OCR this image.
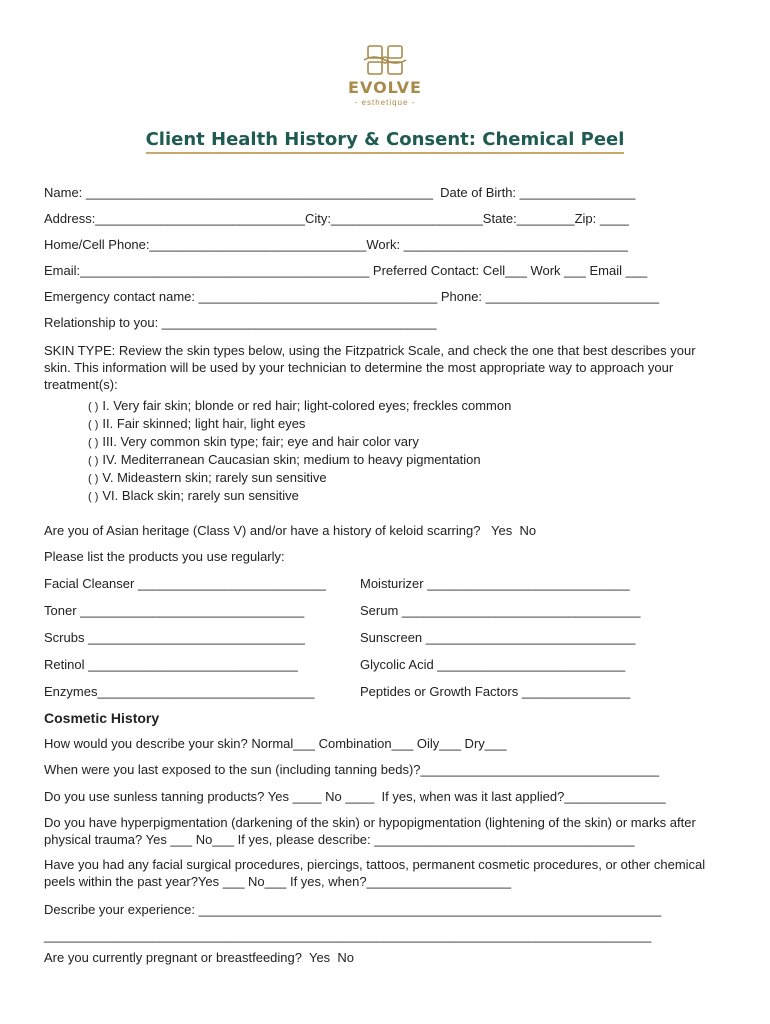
EVOLVE
- esthetique -
Client Health History & Consent: Chemical Peel
Name: ________________________________________________  Date of Birth: ________________
Address:_____________________________City:_____________________State:________Zip: ____
Home/Cell Phone:______________________________Work: _______________________________
Email:________________________________________ Preferred Contact: Cell___ Work ___ Email ___
Emergency contact name: _________________________________ Phone: ________________________
Relationship to you: ______________________________________
SKIN TYPE: Review the skin types below, using the Fitzpatrick Scale, and check the one that best describes your skin. This information will be used by your technician to determine the most appropriate way to approach your treatment(s):
( ) I. Very fair skin; blonde or red hair; light-colored eyes; freckles common
( ) II. Fair skinned; light hair, light eyes
( ) III. Very common skin type; fair; eye and hair color vary
( ) IV. Mediterranean Caucasian skin; medium to heavy pigmentation
( ) V. Mideastern skin; rarely sun sensitive
( ) VI. Black skin; rarely sun sensitive
Are you of Asian heritage (Class V) and/or have a history of keloid scarring?   Yes  No
Please list the products you use regularly:
Facial Cleanser __________________________
Toner _______________________________
Scrubs ______________________________
Retinol _____________________________
Enzymes______________________________
Moisturizer ____________________________
Serum _________________________________
Sunscreen _____________________________
Glycolic Acid __________________________
Peptides or Growth Factors _______________
Cosmetic History
How would you describe your skin? Normal___ Combination___ Oily___ Dry___
When were you last exposed to the sun (including tanning beds)?_________________________________
Do you use sunless tanning products? Yes ____ No ____  If yes, when was it last applied?______________
Do you have hyperpigmentation (darkening of the skin) or hypopigmentation (lightening of the skin) or marks after physical trauma? Yes ___ No___ If yes, please describe: ____________________________________
Have you had any facial surgical procedures, piercings, tattoos, permanent cosmetic procedures, or other chemical peels within the past year?Yes ___ No___ If yes, when?____________________
Describe your experience: ________________________________________________________________
____________________________________________________________________________________
Are you currently pregnant or breastfeeding?  Yes  No
